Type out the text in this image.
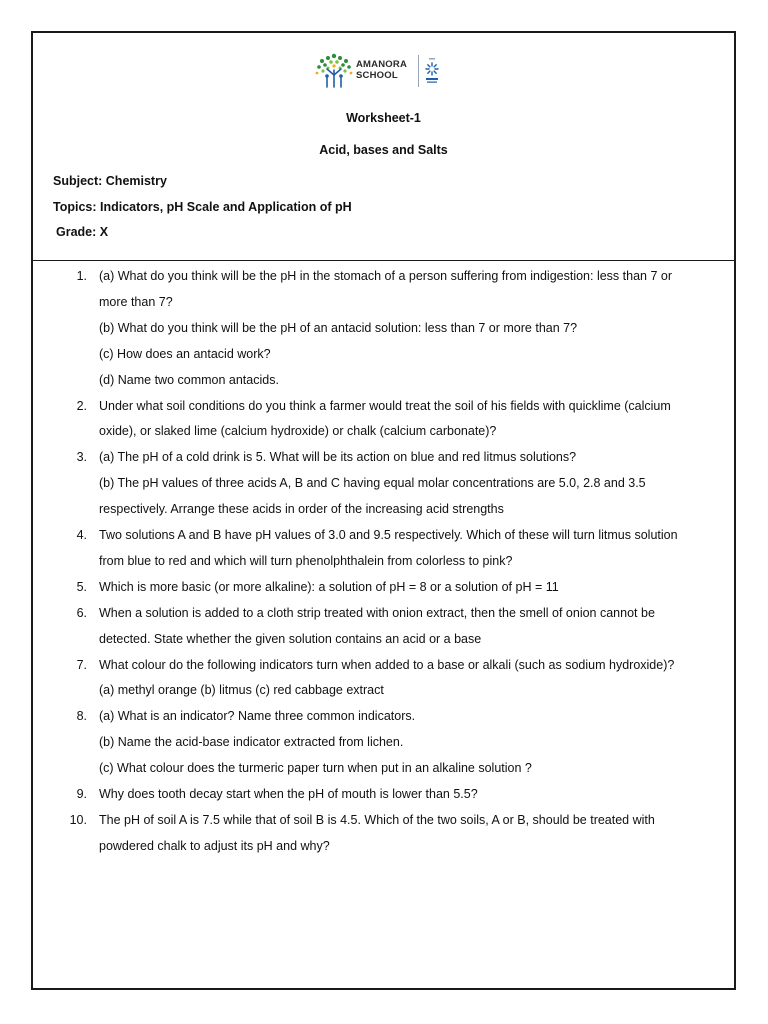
AMANORA
SCHOOL
Worksheet-1
Acid, bases and Salts
Subject: Chemistry
Topics: Indicators, pH Scale and Application of pH
Grade: X
1. (a) What do you think will be the pH in the stomach of a person suffering from indigestion: less than 7 or
more than 7?
(b) What do you think will be the pH of an antacid solution: less than 7 or more than 7?
(c) How does an antacid work?
(d) Name two common antacids.
2. Under what soil conditions do you think a farmer would treat the soil of his fields with quicklime (calcium
oxide), or slaked lime (calcium hydroxide) or chalk (calcium carbonate)?
3. (a) The pH of a cold drink is 5. What will be its action on blue and red litmus solutions?
(b) The pH values of three acids A, B and C having equal molar concentrations are 5.0, 2.8 and 3.5
respectively. Arrange these acids in order of the increasing acid strengths
4. Two solutions A and B have pH values of 3.0 and 9.5 respectively. Which of these will turn litmus solution
from blue to red and which will turn phenolphthalein from colorless to pink?
5. Which is more basic (or more alkaline): a solution of pH = 8 or a solution of pH = 11
6. When a solution is added to a cloth strip treated with onion extract, then the smell of onion cannot be
detected. State whether the given solution contains an acid or a base
7. What colour do the following indicators turn when added to a base or alkali (such as sodium hydroxide)?
(a) methyl orange (b) litmus (c) red cabbage extract
8. (a) What is an indicator? Name three common indicators.
(b) Name the acid-base indicator extracted from lichen.
(c) What colour does the turmeric paper turn when put in an alkaline solution ?
9. Why does tooth decay start when the pH of mouth is lower than 5.5?
10. The pH of soil A is 7.5 while that of soil B is 4.5. Which of the two soils, A or B, should be treated with
powdered chalk to adjust its pH and why?
